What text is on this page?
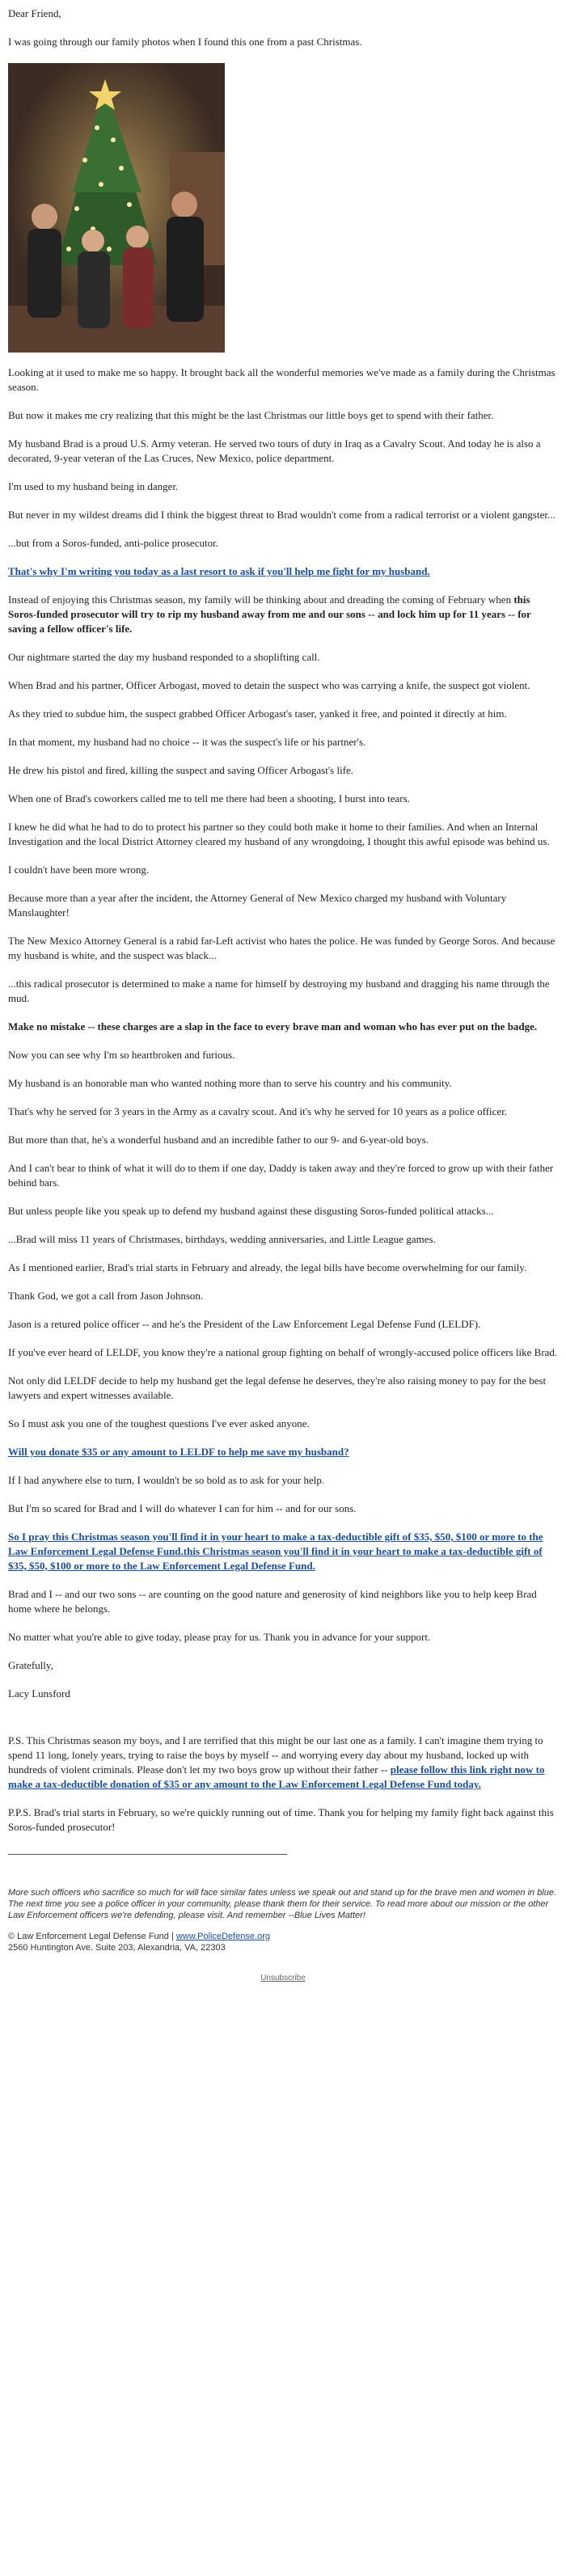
Dear Friend,

I was going through our family photos when I found this one from a past Christmas.

Looking at it used to make me so happy. It brought back all the wonderful memories we've made as a family during the Christmas season.

But now it makes me cry realizing that this might be the last Christmas our little boys get to spend with their father.

My husband Brad is a proud U.S. Army veteran. He served two tours of duty in Iraq as a Cavalry Scout. And today he is also a decorated, 9-year veteran of the Las Cruces, New Mexico, police department.

I'm used to my husband being in danger.

But never in my wildest dreams did I think the biggest threat to Brad wouldn't come from a radical terrorist or a violent gangster...

...but from a Soros-funded, anti-police prosecutor.

That's why I'm writing you today as a last resort to ask if you'll help me fight for my husband.

Instead of enjoying this Christmas season, my family will be thinking about and dreading the coming of February when this Soros-funded prosecutor will try to rip my husband away from me and our sons -- and lock him up for 11 years -- for saving a fellow officer's life.

Our nightmare started the day my husband responded to a shoplifting call.

When Brad and his partner, Officer Arbogast, moved to detain the suspect who was carrying a knife, the suspect got violent.

As they tried to subdue him, the suspect grabbed Officer Arbogast's taser, yanked it free, and pointed it directly at him.

In that moment, my husband had no choice -- it was the suspect's life or his partner's.

He drew his pistol and fired, killing the suspect and saving Officer Arbogast's life.

When one of Brad's coworkers called me to tell me there had been a shooting, I burst into tears.

I knew he did what he had to do to protect his partner so they could both make it home to their families. And when an Internal Investigation and the local District Attorney cleared my husband of any wrongdoing, I thought this awful episode was behind us.

I couldn't have been more wrong.

Because more than a year after the incident, the Attorney General of New Mexico charged my husband with Voluntary Manslaughter!

The New Mexico Attorney General is a rabid far-Left activist who hates the police. He was funded by George Soros. And because my husband is white, and the suspect was black...

...this radical prosecutor is determined to make a name for himself by destroying my husband and dragging his name through the mud.

Make no mistake -- these charges are a slap in the face to every brave man and woman who has ever put on the badge.

Now you can see why I'm so heartbroken and furious.

My husband is an honorable man who wanted nothing more than to serve his country and his community.

That's why he served for 3 years in the Army as a cavalry scout. And it's why he served for 10 years as a police officer.

But more than that, he's a wonderful husband and an incredible father to our 9- and 6-year-old boys.

And I can't bear to think of what it will do to them if one day, Daddy is taken away and they're forced to grow up with their father behind bars.

But unless people like you speak up to defend my husband against these disgusting Soros-funded political attacks...

...Brad will miss 11 years of Christmases, birthdays, wedding anniversaries, and Little League games.

As I mentioned earlier, Brad's trial starts in February and already, the legal bills have become overwhelming for our family.

Thank God, we got a call from Jason Johnson.

Jason is a retured police officer -- and he's the President of the Law Enforcement Legal Defense Fund (LELDF).

If you've ever heard of LELDF, you know they're a national group fighting on behalf of wrongly-accused police officers like Brad.

Not only did LELDF decide to help my husband get the legal defense he deserves, they're also raising money to pay for the best lawyers and expert witnesses available.

So I must ask you one of the toughest questions I've ever asked anyone.

Will you donate $35 or any amount to LELDF to help me save my husband?

If I had anywhere else to turn, I wouldn't be so bold as to ask for your help.

But I'm so scared for Brad and I will do whatever I can for him -- and for our sons.

So I pray this Christmas season you'll find it in your heart to make a tax-deductible gift of $35, $50, $100 or more to the Law Enforcement Legal Defense Fund.this Christmas season you'll find it in your heart to make a tax-deductible gift of $35, $50, $100 or more to the Law Enforcement Legal Defense Fund.

Brad and I -- and our two sons -- are counting on the good nature and generosity of kind neighbors like you to help keep Brad home where he belongs.

No matter what you're able to give today, please pray for us. Thank you in advance for your support.

Gratefully,

Lacy Lunsford

P.S. This Christmas season my boys, and I are terrified that this might be our last one as a family. I can't imagine them trying to spend 11 long, lonely years, trying to raise the boys by myself -- and worrying every day about my husband, locked up with hundreds of violent criminals. Please don't let my two boys grow up without their father -- please follow this link right now to make a tax-deductible donation of $35 or any amount to the Law Enforcement Legal Defense Fund today.

P.P.S. Brad's trial starts in February, so we're quickly running out of time. Thank you for helping my family fight back against this Soros-funded prosecutor!

More such officers who sacrifice so much for will face similar fates unless we speak out and stand up for the brave men and women in blue. The next time you see a police officer in your community, please thank them for their service. To read more about our mission or the other Law Enforcement officers we're defending, please visit. And remember --Blue Lives Matter!

© Law Enforcement Legal Defense Fund | www.PoliceDefense.org
2560 Huntington Ave. Suite 203, Alexandria, VA, 22303
Unsubscribe
